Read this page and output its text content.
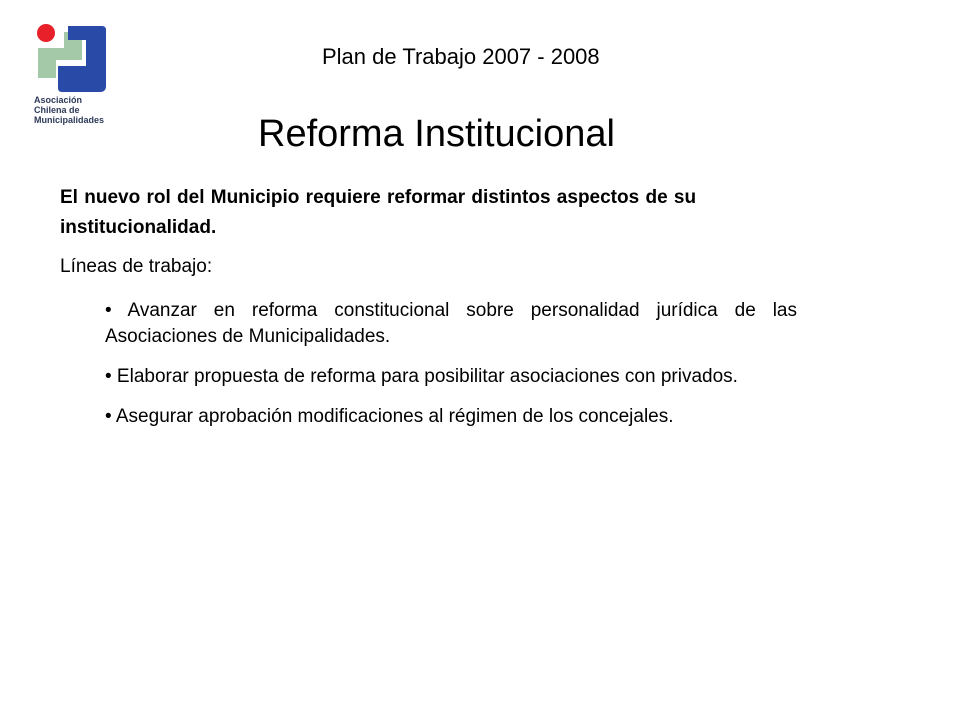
Asociación
Chilena de
Municipalidades
Plan de Trabajo 2007 - 2008
Reforma Institucional
El nuevo rol del Municipio requiere reformar distintos aspectos de su institucionalidad.
Líneas de trabajo:
• Avanzar en reforma constitucional sobre personalidad jurídica de las Asociaciones de Municipalidades.
• Elaborar propuesta de reforma para posibilitar asociaciones con privados.
• Asegurar aprobación modificaciones al régimen de los concejales.
